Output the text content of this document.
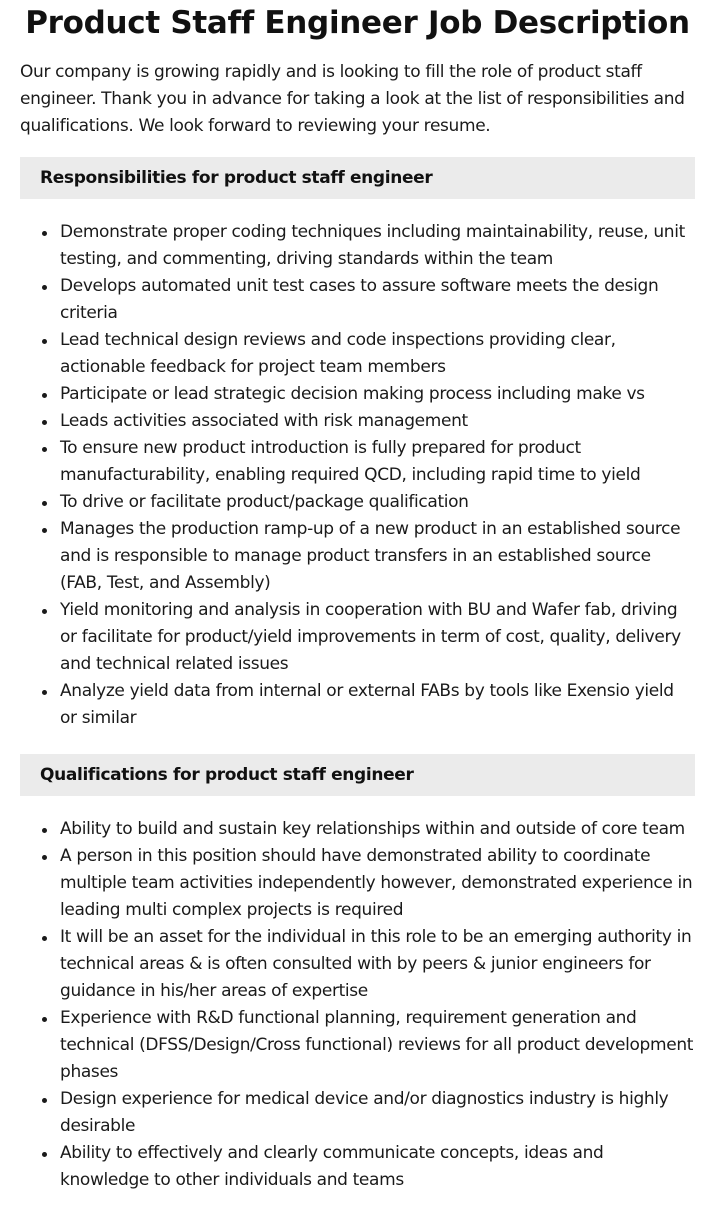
Product Staff Engineer Job Description

Our company is growing rapidly and is looking to fill the role of product staff engineer. Thank you in advance for taking a look at the list of responsibilities and qualifications. We look forward to reviewing your resume.

Responsibilities for product staff engineer
Demonstrate proper coding techniques including maintainability, reuse, unit testing, and commenting, driving standards within the team
Develops automated unit test cases to assure software meets the design criteria
Lead technical design reviews and code inspections providing clear, actionable feedback for project team members
Participate or lead strategic decision making process including make vs
Leads activities associated with risk management
To ensure new product introduction is fully prepared for product manufacturability, enabling required QCD, including rapid time to yield
To drive or facilitate product/package qualification
Manages the production ramp-up of a new product in an established source and is responsible to manage product transfers in an established source (FAB, Test, and Assembly)
Yield monitoring and analysis in cooperation with BU and Wafer fab, driving or facilitate for product/yield improvements in term of cost, quality, delivery and technical related issues
Analyze yield data from internal or external FABs by tools like Exensio yield or similar
Qualifications for product staff engineer
Ability to build and sustain key relationships within and outside of core team
A person in this position should have demonstrated ability to coordinate multiple team activities independently however, demonstrated experience in leading multi complex projects is required
It will be an asset for the individual in this role to be an emerging authority in technical areas & is often consulted with by peers & junior engineers for guidance in his/her areas of expertise
Experience with R&D functional planning, requirement generation and technical (DFSS/Design/Cross functional) reviews for all product development phases
Design experience for medical device and/or diagnostics industry is highly desirable
Ability to effectively and clearly communicate concepts, ideas and knowledge to other individuals and teams
